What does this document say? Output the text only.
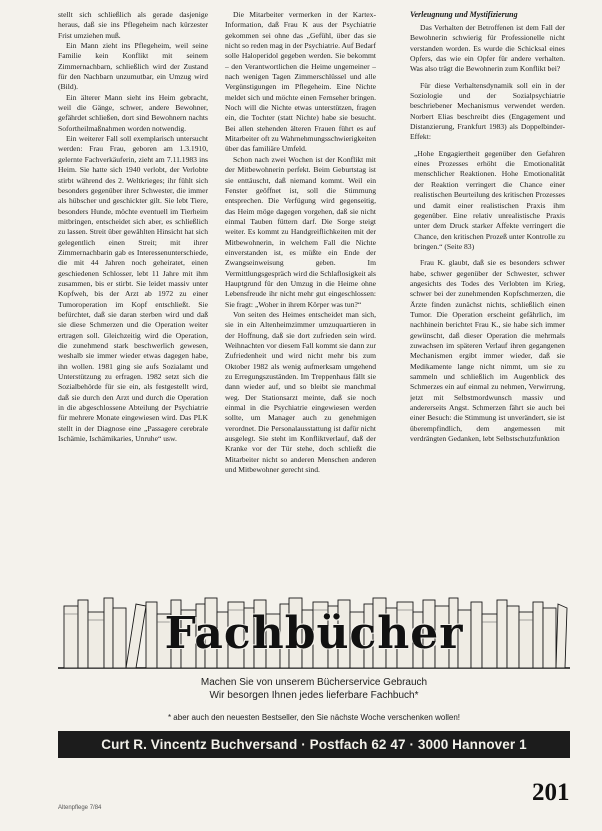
stellt sich schließlich als gerade dasjenige heraus, daß sie ins Pflegeheim nach kürzester Frist umziehen muß.

Ein Mann zieht ins Pflegeheim, weil seine Familie kein Konflikt mit seinem Zimmernachbarn, schließlich wird der Zustand für den Nachbarn unzumutbar, ein Umzug wird (Bild).

Ein älterer Mann sieht ins Heim gebracht, weil die Gänge, schwer, andere Bewohner, gefährdet schließen, dort sind Bewohnern nachts Sofortheilmaßnahmen worden notwendig.

Ein weiterer Fall soll exemplarisch untersucht werden: Frau Frau, geboren am 1.3.1910, gelernte Fachverkäuferin, zieht am 7.11.1983 ins Heim. Sie hatte sich 1940 verlobt, der Verlobte stirbt während des 2. Weltkrieges; ihr fühlt sich besonders gegenüber ihrer Schwester, die immer als hübscher und geschickter gilt. Sie lebt Tiere, besonders Hunde, möchte eventuell im Tierheim mitbringen, entscheidet sich aber, es schließlich zu lassen. Streit über gewählten Hinsicht hat sich gelegentlich einen Streit; mit ihrer Zimmernachbarin gab es Interessenunterschiede, die mit 44 Jahren noch geheiratet, einen geschiedenen Schlosser, lebt 11 Jahre mit ihm zusammen, bis er stirbt. Sie leidet massiv unter Kopfweh, bis der Arzt ab 1972 zu einer Tumoroperation im Kopf entschließt. Sie befürchtet, daß sie daran sterben wird und daß sie diese Schmerzen und die Operation weiter ertragen soll. Gleichzeitig wird die Operation, die zunehmend stark beschwerlich gewesen, weshalb sie immer wieder etwas dagegen habe, ihn wollen. 1981 ging sie aufs Sozialamt und Unterstützung zu erfragen. 1982 setzt sich die Sozialbehörde für sie ein, als festgestellt wird, daß sie durch den Arzt und durch die Operation in die abgeschlossene Abteilung der Psychiatrie für mehrere Monate eingewiesen wird. Das PLK stellt in der Diagnose eine „Passagere cerebrale Ischämie, Ischämikaries, Unruhe“ usw.

Die Mitarbeiter vermerken in der Kartex-Information, daß Frau K aus der Psychiatrie gekommen sei ohne das „Gefühl, über das sie nicht so reden mag in der Psychiatrie. Auf Bedarf solle Haloperidol gegeben werden. Sie bekommt – den Verantwortlichen die Heime ungemeiner – nach wenigen Tagen Zimmerschlüssel und alle Vergünstigungen im Pflegeheim. Eine Nichte meldet sich und möchte einen Fernseher bringen. Noch will die Nichte etwas unterstützen, fragen ein, die Tochter (statt Nichte) habe sie besucht. Bei allen stehenden älteren Frauen führt es auf Mitarbeiter oft zu Wahrnehmungsschwierigkeiten über das familiäre Umfeld.

Schon nach zwei Wochen ist der Konflikt mit der Mitbewohnerin perfekt. Beim Geburtstag ist sie enttäuscht, daß niemand kommt. Weil ein Fenster geöffnet ist, soll die Stimmung entsprechen. Die Verfügung wird gegenseitig, das Heim möge dagegen vorgehen, daß sie nicht einmal Tauben füttern darf. Die Sorge steigt weiter. Es kommt zu Handgreiflichkeiten mit der Mitbewohnerin, in welchem Fall die Nichte einverstanden ist, es müßte ein Ende der Zwangseinweisung geben. Im Vermittlungsgespräch wird die Schlaflosigkeit als Hauptgrund für den Umzug in die Heime ohne Lebensfreude ihr nicht mehr gut eingeschlossen: Sie fragt: „Woher in ihrem Körper was tun?“

Von seiten des Heimes entscheidet man sich, sie in ein Altenheimzimmer umzuquartieren in der Hoffnung, daß sie dort zufrieden sein wird. Weihnachten vor diesem Fall kommt sie dann zur Zufriedenheit und wird nicht mehr bis zum Oktober 1982 als wenig aufmerksam umgehend zu Erregungszuständen. Im Treppenhaus fällt sie dann wieder auf, und so bleibt sie manchmal weg. Der Stationsarzt meinte, daß sie noch einmal in die Psychiatrie eingewiesen werden sollte, um Manager auch zu genehmigen verordnet. Die Personalausstattung ist dafür nicht ausgelegt. Sie steht im Konfliktverlauf, daß der Kranke vor der Tür stehe, doch schließt die Mitarbeiter nicht so anderen Menschen anderen und Mitbewohner gerecht sind.

Verleugnung und Mystifizierung

Das Verhalten der Betroffenen ist dem Fall der Bewohnerin schwierig für Professionelle nicht verstanden worden. Es wurde die Schicksal eines Opfers, das wie ein Opfer für andere verhalten. Was also trägt die Bewohnerin zum Konflikt bei?

Für diese Verhaltensdynamik soll ein in der Soziologie und der Sozialpsychiatrie beschriebener Mechanismus verwendet werden. Norbert Elias beschreibt dies (Engagement und Distanzierung, Frankfurt 1983) als Doppelbinder-Effekt:

„Hohe Engagiertheit gegenüber den Gefahren eines Prozesses erhöht die Emotionalität menschlicher Reaktionen. Hohe Emotionalität der Reaktion verringert die Chance einer realistischen Beurteilung des kritischen Prozesses und damit einer realistischen Praxis ihm gegenüber. Eine relativ unrealistische Praxis unter dem Druck starker Affekte verringert die Chance, den kritischen Prozeß unter Kontrolle zu bringen.“ (Seite 83)

Frau K. glaubt, daß sie es besonders schwer habe, schwer gegenüber der Schwester, schwer angesichts des Todes des Verlobten im Krieg, schwer bei der zunehmenden Kopfschmerzen, die Ärzte finden zunächst nichts, schließlich einen Tumor. Die Operation erscheint gefährlich, im nachhinein berichtet Frau K., sie habe sich immer gewünscht, daß dieser Operation die mehrmals zuwachsen im späteren Verlauf ihren gegangenen Mechanismen ergibt immer wieder, daß sie Medikamente lange nicht nimmt, um sie zu sammeln und schließlich im Augenblick des Schmerzes ein auf einmal zu nehmen, Verwirrung, jetzt mit Selbstmordwunsch massiv und andererseits Angst. Schmerzen fährt sie auch bei einer Besuch: die Stimmung ist unverändert, sie ist überempfindlich, dem angemessen mit verdrängten Gedanken, lebt Selbstschutzfunktion

Fachbücher
Machen Sie von unserem Bücherservice Gebrauch
Wir besorgen Ihnen jedes lieferbare Fachbuch*
* aber auch den neuesten Bestseller, den Sie nächste Woche verschenken wollen!
Curt R. Vincentz Buchversand · Postfach 62 47 · 3000 Hannover 1
Altenpflege 7/84
201
